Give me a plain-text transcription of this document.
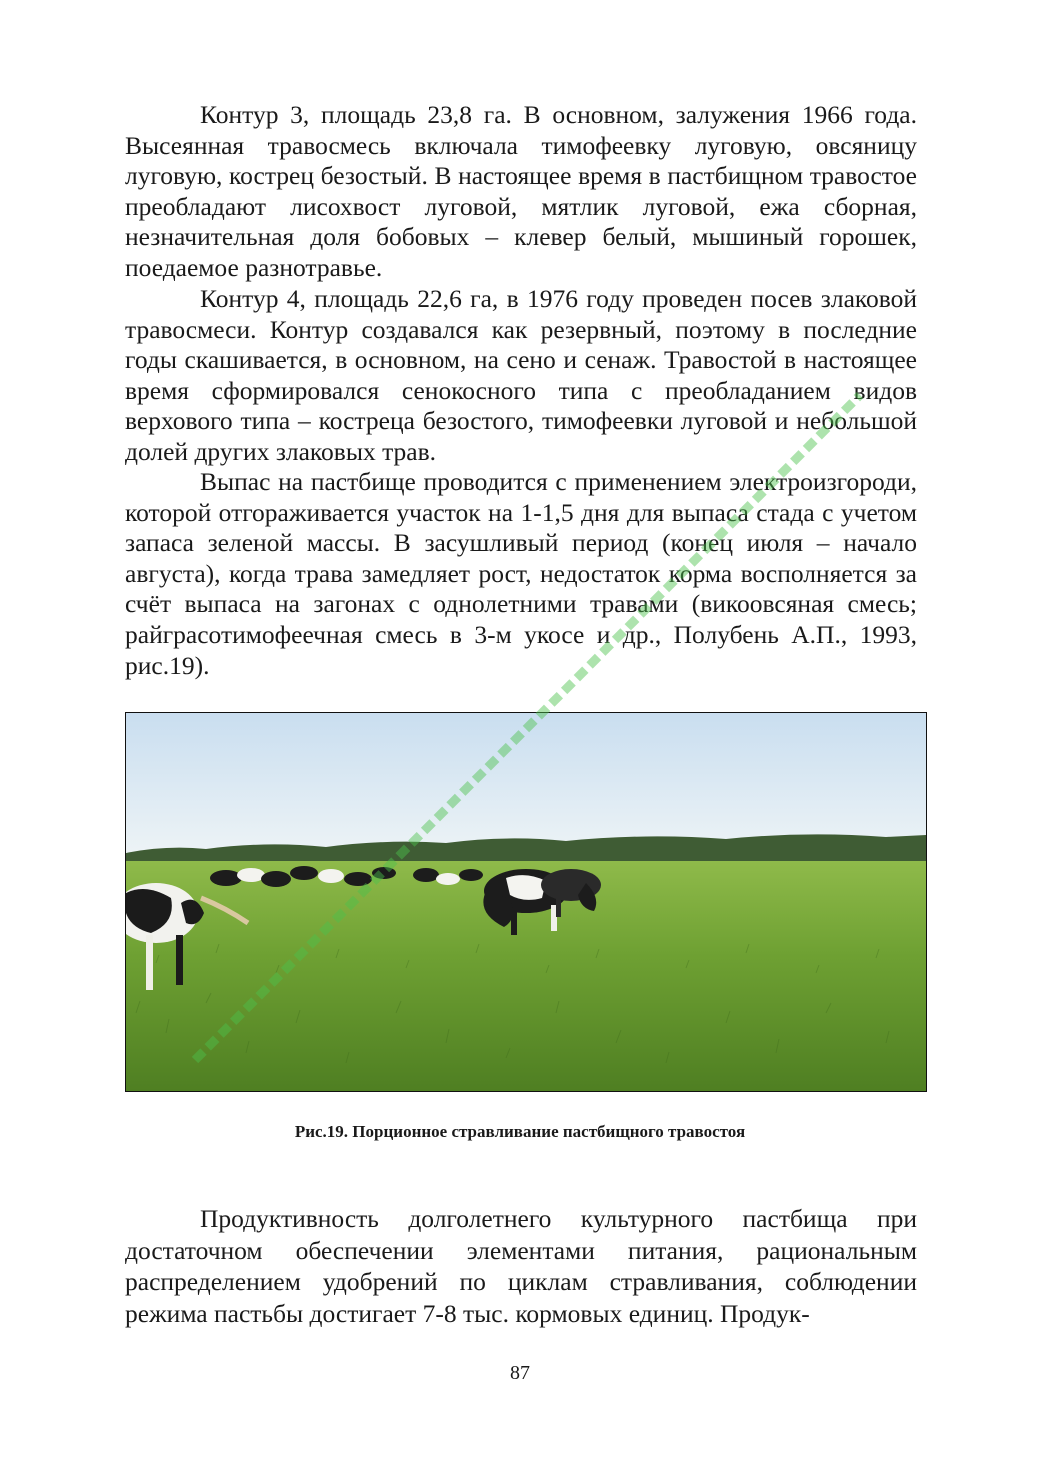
Контур 3, площадь 23,8 га. В основном, залужения 1966 года. Высеянная травосмесь включала тимофеевку луговую, овсяницу луговую, кострец безостый. В настоящее время в пастбищном травостое преобладают лисохвост луговой, мятлик луговой, ежа сборная, незначительная доля бобовых – клевер белый, мышиный горошек, поедаемое разнотравье.

Контур 4, площадь 22,6 га, в 1976 году проведен посев злаковой травосмеси. Контур создавался как резервный, поэтому в последние годы скашивается, в основном, на сено и сенаж. Травостой в настоящее время сформировался сенокосного типа с преобладанием видов верхового типа – костреца безостого, тимофеевки луговой и небольшой долей других злаковых трав.

Выпас на пастбище проводится с применением электроизгороди, которой отгораживается участок на 1-1,5 дня для выпаса стада с учетом запаса зеленой массы. В засушливый период (конец июля – начало августа), когда трава замедляет рост, недостаток корма восполняется за счёт выпаса на загонах с однолетними травами (викоовсяная смесь; райграсотимофеечная смесь в 3-м укосе и др., Полубень А.П., 1993, рис.19).

Рис.19. Порционное стравливание пастбищного травостоя

Продуктивность долголетнего культурного пастбища при достаточном обеспечении элементами питания, рациональным распределением удобрений по циклам стравливания, соблюдении режима пастьбы достигает 7-8 тыс. кормовых единиц. Продук-

87
